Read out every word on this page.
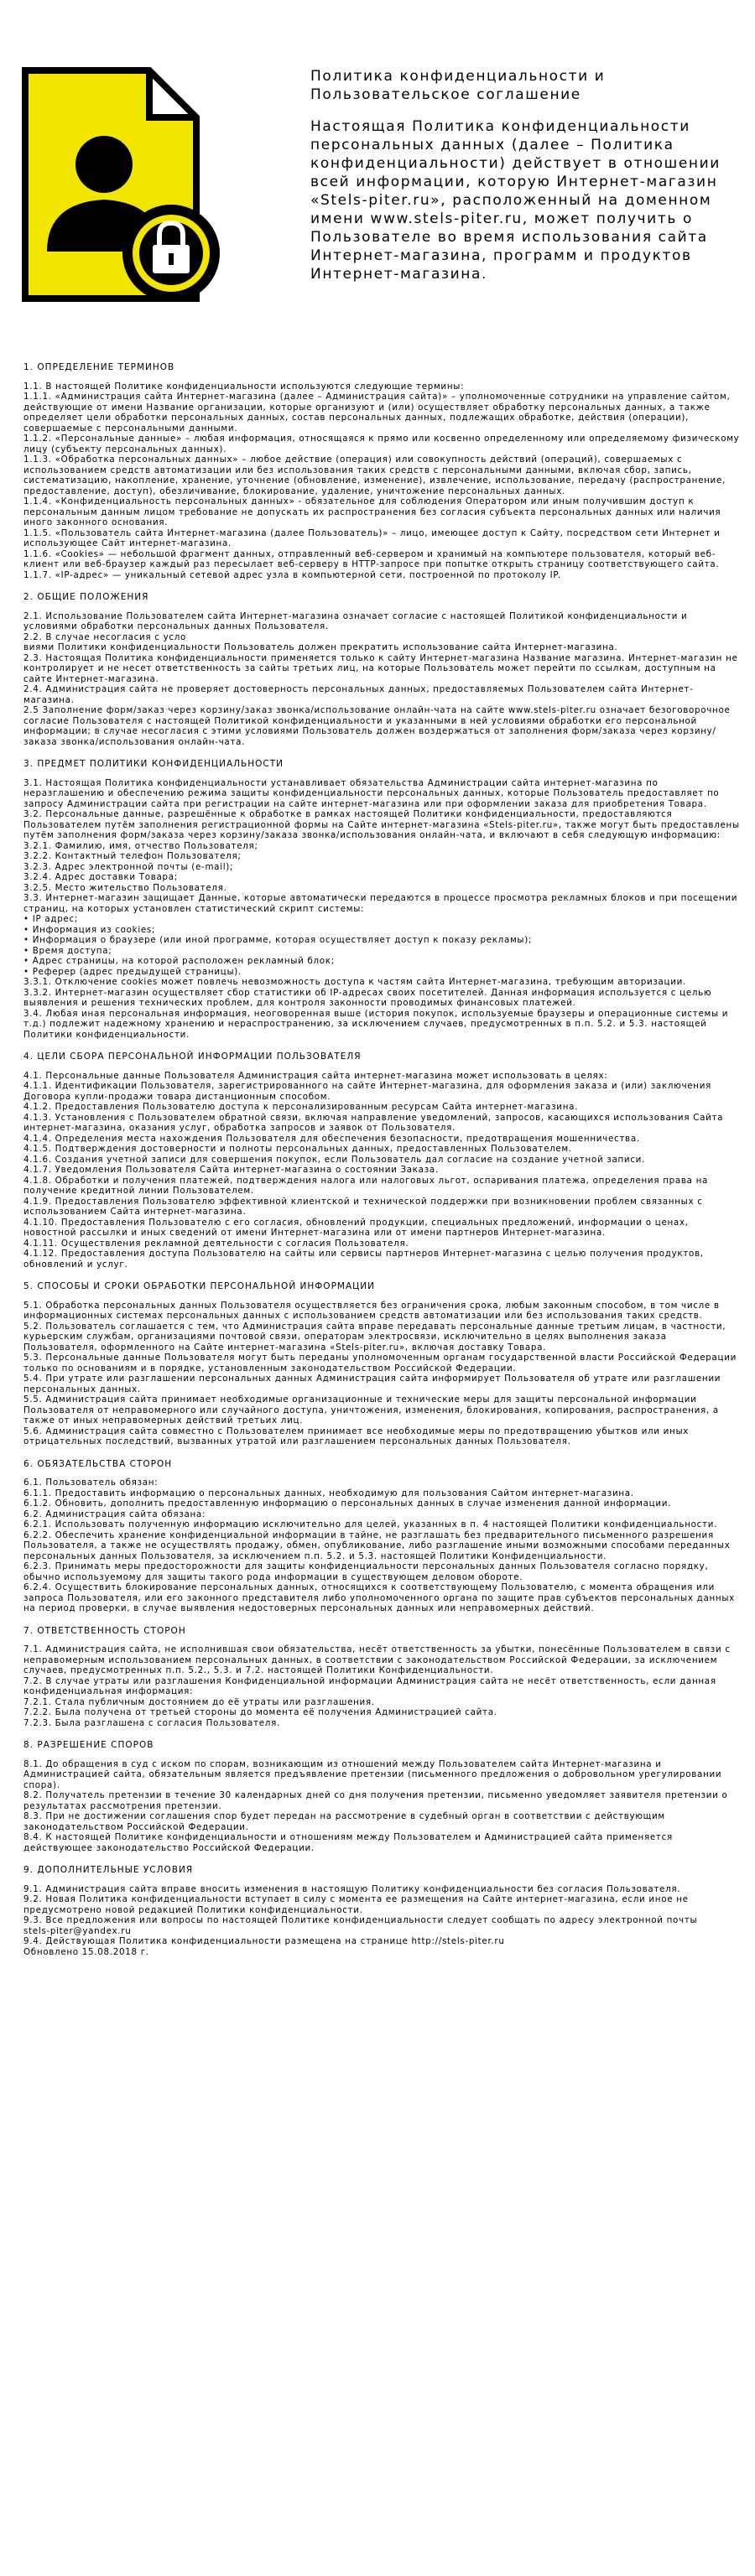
Политика конфиденциальности и Пользовательское соглашение
Настоящая Политика конфиденциальности персональных данных (далее – Политика конфиденциальности) действует в отношении всей информации, которую Интернет-магазин «Stels-piter.ru», расположенный на доменном имени www.stels-piter.ru, может получить о Пользователе во время использования сайта Интернет-магазина, программ и продуктов Интернет-магазина.
1. ОПРЕДЕЛЕНИЕ ТЕРМИНОВ

1.1. В настоящей Политике конфиденциальности используются следующие термины:

1.1.1. «Администрация сайта Интернет-магазина (далее – Администрация сайта)» – уполномоченные сотрудники на управление сайтом, действующие от имени Название организации, которые организуют и (или) осуществляет обработку персональных данных, а также определяет цели обработки персональных данных, состав персональных данных, подлежащих обработке, действия (операции), совершаемые с персональными данными.

1.1.2. «Персональные данные» – любая информация, относящаяся к прямо или косвенно определенному или определяемому физическому лицу (субъекту персональных данных).

1.1.3. «Обработка персональных данных» – любое действие (операция) или совокупность действий (операций), совершаемых с использованием средств автоматизации или без использования таких средств с персональными данными, включая сбор, запись, систематизацию, накопление, хранение, уточнение (обновление, изменение), извлечение, использование, передачу (распространение, предоставление, доступ), обезличивание, блокирование, удаление, уничтожение персональных данных.

1.1.4. «Конфиденциальность персональных данных» - обязательное для соблюдения Оператором или иным получившим доступ к персональным данным лицом требование не допускать их распространения без согласия субъекта персональных данных или наличия иного законного основания.

1.1.5. «Пользователь сайта Интернет-магазина (далее Пользователь)» – лицо, имеющее доступ к Сайту, посредством сети Интернет и использующее Сайт интернет-магазина.

1.1.6. «Cookies» — небольшой фрагмент данных, отправленный веб-сервером и хранимый на компьютере пользователя, который веб-клиент или веб-браузер каждый раз пересылает веб-серверу в HTTP-запросе при попытке открыть страницу соответствующего сайта.

1.1.7. «IP-адрес» — уникальный сетевой адрес узла в компьютерной сети, построенной по протоколу IP.

2. ОБЩИЕ ПОЛОЖЕНИЯ

2.1. Использование Пользователем сайта Интернет-магазина означает согласие с настоящей Политикой конфиденциальности и условиями обработки персональных данных Пользователя.

2.2. В случае несогласия с усло

виями Политики конфиденциальности Пользователь должен прекратить использование сайта Интернет-магазина.

2.3. Настоящая Политика конфиденциальности применяется только к сайту Интернет-магазина Название магазина. Интернет-магазин не контролирует и не несет ответственность за сайты третьих лиц, на которые Пользователь может перейти по ссылкам, доступным на сайте Интернет-магазина.

2.4. Администрация сайта не проверяет достоверность персональных данных, предоставляемых Пользователем сайта Интернет-магазина.

2.5 Заполнение форм/заказ через корзину/заказ звонка/использование онлайн-чата на сайте www.stels-piter.ru означает безоговорочное согласие Пользователя с настоящей Политикой конфиденциальности и указанными в ней условиями обработки его персональной информации; в случае несогласия с этими условиями Пользователь должен воздержаться от заполнения форм/заказа через корзину/заказа звонка/использования онлайн-чата.

3. ПРЕДМЕТ ПОЛИТИКИ КОНФИДЕНЦИАЛЬНОСТИ

3.1. Настоящая Политика конфиденциальности устанавливает обязательства Администрации сайта интернет-магазина по неразглашению и обеспечению режима защиты конфиденциальности персональных данных, которые Пользователь предоставляет по запросу Администрации сайта при регистрации на сайте интернет-магазина или при оформлении заказа для приобретения Товара.

3.2. Персональные данные, разрешённые к обработке в рамках настоящей Политики конфиденциальности, предоставляются Пользователем путём заполнения регистрационной формы на Сайте интернет-магазина «Stels-piter.ru», также могут быть предоставлены путём заполнения форм/заказа через корзину/заказа звонка/использования онлайн-чата, и включают в себя следующую информацию:

3.2.1. Фамилию, имя, отчество Пользователя;

3.2.2. Контактный телефон Пользователя;

3.2.3. Адрес электронной почты (e-mail);

3.2.4. Адрес доставки Товара;

3.2.5. Место жительство Пользователя.

3.3. Интернет-магазин защищает Данные, которые автоматически передаются в процессе просмотра рекламных блоков и при посещении страниц, на которых установлен статистический скрипт системы:

• IP адрес;

• Информация из cookies;

• Информация о браузере (или иной программе, которая осуществляет доступ к показу рекламы);

• Время доступа;

• Адрес страницы, на которой расположен рекламный блок;

• Реферер (адрес предыдущей страницы).

3.3.1. Отключение cookies может повлечь невозможность доступа к частям сайта Интернет-магазина, требующим авторизации.

3.3.2. Интернет-магазин осуществляет сбор статистики об IP-адресах своих посетителей. Данная информация используется с целью выявления и решения технических проблем, для контроля законности проводимых финансовых платежей.

3.4. Любая иная персональная информация, неоговоренная выше (история покупок, используемые браузеры и операционные системы и т.д.) подлежит надежному хранению и нераспространению, за исключением случаев, предусмотренных в п.п. 5.2. и 5.3. настоящей Политики конфиденциальности.

4. ЦЕЛИ СБОРА ПЕРСОНАЛЬНОЙ ИНФОРМАЦИИ ПОЛЬЗОВАТЕЛЯ

4.1. Персональные данные Пользователя Администрация сайта интернет-магазина может использовать в целях:

4.1.1. Идентификации Пользователя, зарегистрированного на сайте Интернет-магазина, для оформления заказа и (или) заключения Договора купли-продажи товара дистанционным способом.

4.1.2. Предоставления Пользователю доступа к персонализированным ресурсам Сайта интернет-магазина.

4.1.3. Установления с Пользователем обратной связи, включая направление уведомлений, запросов, касающихся использования Сайта интернет-магазина, оказания услуг, обработка запросов и заявок от Пользователя.

4.1.4. Определения места нахождения Пользователя для обеспечения безопасности, предотвращения мошенничества.

4.1.5. Подтверждения достоверности и полноты персональных данных, предоставленных Пользователем.

4.1.6. Создания учетной записи для совершения покупок, если Пользователь дал согласие на создание учетной записи.

4.1.7. Уведомления Пользователя Сайта интернет-магазина о состоянии Заказа.

4.1.8. Обработки и получения платежей, подтверждения налога или налоговых льгот, оспаривания платежа, определения права на получение кредитной линии Пользователем.

4.1.9. Предоставления Пользователю эффективной клиентской и технической поддержки при возникновении проблем связанных с использованием Сайта интернет-магазина.

4.1.10. Предоставления Пользователю с его согласия, обновлений продукции, специальных предложений, информации о ценах, новостной рассылки и иных сведений от имени Интернет-магазина или от имени партнеров Интернет-магазина.

4.1.11. Осуществления рекламной деятельности с согласия Пользователя.

4.1.12. Предоставления доступа Пользователю на сайты или сервисы партнеров Интернет-магазина с целью получения продуктов, обновлений и услуг.

5. СПОСОБЫ И СРОКИ ОБРАБОТКИ ПЕРСОНАЛЬНОЙ ИНФОРМАЦИИ

5.1. Обработка персональных данных Пользователя осуществляется без ограничения срока, любым законным способом, в том числе в информационных системах персональных данных с использованием средств автоматизации или без использования таких средств.

5.2. Пользователь соглашается с тем, что Администрация сайта вправе передавать персональные данные третьим лицам, в частности, курьерским службам, организациями почтовой связи, операторам электросвязи, исключительно в целях выполнения заказа Пользователя, оформленного на Сайте интернет-магазина «Stels-piter.ru», включая доставку Товара.

5.3. Персональные данные Пользователя могут быть переданы уполномоченным органам государственной власти Российской Федерации только по основаниям и в порядке, установленным законодательством Российской Федерации.

5.4. При утрате или разглашении персональных данных Администрация сайта информирует Пользователя об утрате или разглашении персональных данных.

5.5. Администрация сайта принимает необходимые организационные и технические меры для защиты персональной информации Пользователя от неправомерного или случайного доступа, уничтожения, изменения, блокирования, копирования, распространения, а также от иных неправомерных действий третьих лиц.

5.6. Администрация сайта совместно с Пользователем принимает все необходимые меры по предотвращению убытков или иных отрицательных последствий, вызванных утратой или разглашением персональных данных Пользователя.

6. ОБЯЗАТЕЛЬСТВА СТОРОН

6.1. Пользователь обязан:

6.1.1. Предоставить информацию о персональных данных, необходимую для пользования Сайтом интернет-магазина.

6.1.2. Обновить, дополнить предоставленную информацию о персональных данных в случае изменения данной информации.

6.2. Администрация сайта обязана:

6.2.1. Использовать полученную информацию исключительно для целей, указанных в п. 4 настоящей Политики конфиденциальности.

6.2.2. Обеспечить хранение конфиденциальной информации в тайне, не разглашать без предварительного письменного разрешения Пользователя, а также не осуществлять продажу, обмен, опубликование, либо разглашение иными возможными способами переданных персональных данных Пользователя, за исключением п.п. 5.2. и 5.3. настоящей Политики Конфиденциальности.

6.2.3. Принимать меры предосторожности для защиты конфиденциальности персональных данных Пользователя согласно порядку, обычно используемому для защиты такого рода информации в существующем деловом обороте.

6.2.4. Осуществить блокирование персональных данных, относящихся к соответствующему Пользователю, с момента обращения или запроса Пользователя, или его законного представителя либо уполномоченного органа по защите прав субъектов персональных данных на период проверки, в случае выявления недостоверных персональных данных или неправомерных действий.

7. ОТВЕТСТВЕННОСТЬ СТОРОН

7.1. Администрация сайта, не исполнившая свои обязательства, несёт ответственность за убытки, понесённые Пользователем в связи с неправомерным использованием персональных данных, в соответствии с законодательством Российской Федерации, за исключением случаев, предусмотренных п.п. 5.2., 5.3. и 7.2. настоящей Политики Конфиденциальности.

7.2. В случае утраты или разглашения Конфиденциальной информации Администрация сайта не несёт ответственность, если данная конфиденциальная информация:

7.2.1. Стала публичным достоянием до её утраты или разглашения.

7.2.2. Была получена от третьей стороны до момента её получения Администрацией сайта.

7.2.3. Была разглашена с согласия Пользователя.

8. РАЗРЕШЕНИЕ СПОРОВ

8.1. До обращения в суд с иском по спорам, возникающим из отношений между Пользователем сайта Интернет-магазина и Администрацией сайта, обязательным является предъявление претензии (письменного предложения о добровольном урегулировании спора).

8.2. Получатель претензии в течение 30 календарных дней со дня получения претензии, письменно уведомляет заявителя претензии о результатах рассмотрения претензии.

8.3. При не достижении соглашения спор будет передан на рассмотрение в судебный орган в соответствии с действующим законодательством Российской Федерации.

8.4. К настоящей Политике конфиденциальности и отношениям между Пользователем и Администрацией сайта применяется действующее законодательство Российской Федерации.

9. ДОПОЛНИТЕЛЬНЫЕ УСЛОВИЯ

9.1. Администрация сайта вправе вносить изменения в настоящую Политику конфиденциальности без согласия Пользователя.

9.2. Новая Политика конфиденциальности вступает в силу с момента ее размещения на Сайте интернет-магазина, если иное не предусмотрено новой редакцией Политики конфиденциальности.

9.3. Все предложения или вопросы по настоящей Политике конфиденциальности следует сообщать по адресу электронной почты

stels-piter@yandex.ru

9.4. Действующая Политика конфиденциальности размещена на странице http://stels-piter.ru

Обновлено 15.08.2018 г.
